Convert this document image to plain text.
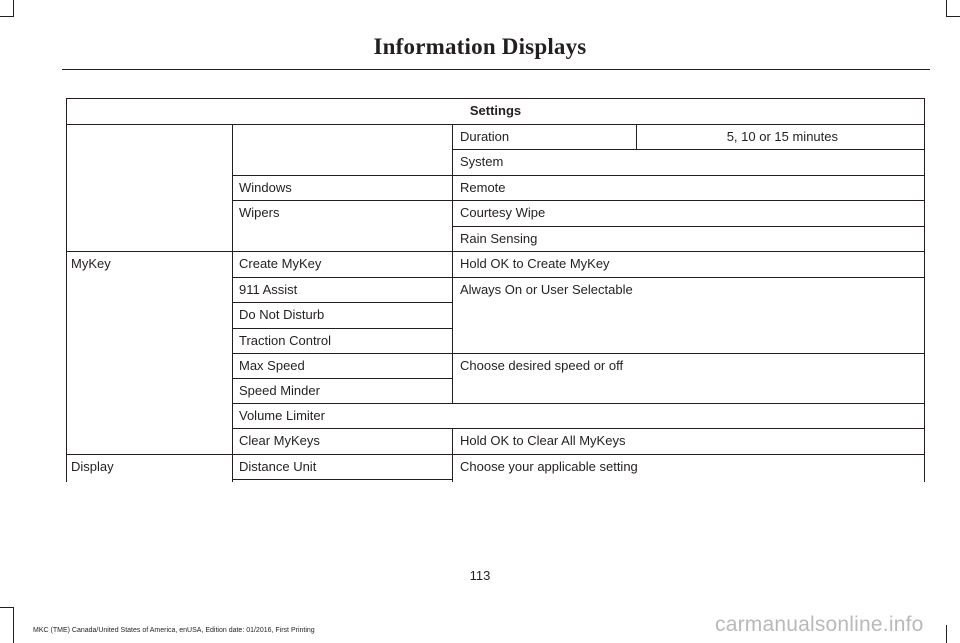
Information Displays
Settings
Duration	5, 10 or 15 minutes
System
Windows	Remote
Wipers	Courtesy Wipe
Rain Sensing
MyKey	Create MyKey	Hold OK to Create MyKey
911 Assist	Always On or User Selectable
Do Not Disturb
Traction Control
Max Speed	Choose desired speed or off
Speed Minder
Volume Limiter
Clear MyKeys	Hold OK to Clear All MyKeys
Display	Distance Unit	Choose your applicable setting
113
MKC (TME) Canada/United States of America, enUSA, Edition date: 01/2016, First Printing	carmanualsonline.info
